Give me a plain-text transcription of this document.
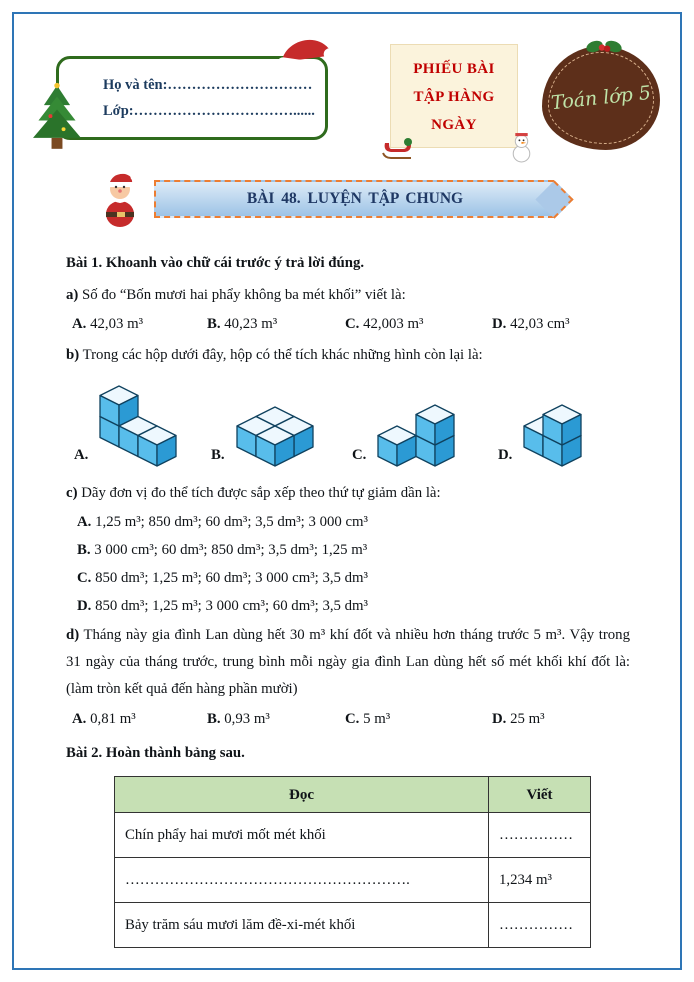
Họ và tên:…………………………
Lớp:……………………………......
PHIẾU BÀI
TẬP HÀNG
NGÀY
Toán lớp 5
BÀI 48. LUYỆN TẬP CHUNG
Bài 1. Khoanh vào chữ cái trước ý trả lời đúng.
a) Số đo “Bốn mươi hai phẩy không ba mét khối” viết là:
A. 42,03 m³	B. 40,23 m³	C. 42,003 m³	D. 42,03 cm³
b) Trong các hộp dưới đây, hộp có thể tích khác những hình còn lại là:
A.	B.	C.	D.
c) Dãy đơn vị đo thể tích được sắp xếp theo thứ tự giảm dần là:
A. 1,25 m³; 850 dm³; 60 dm³; 3,5 dm³; 3 000 cm³
B. 3 000 cm³; 60 dm³; 850 dm³; 3,5 dm³; 1,25 m³
C. 850 dm³; 1,25 m³; 60 dm³; 3 000 cm³; 3,5 dm³
D. 850 dm³; 1,25 m³; 3 000 cm³; 60 dm³; 3,5 dm³
d) Tháng này gia đình Lan dùng hết 30 m³ khí đốt và nhiều hơn tháng trước 5 m³. Vậy trong 31 ngày của tháng trước, trung bình mỗi ngày gia đình Lan dùng hết số mét khối khí đốt là: (làm tròn kết quả đến hàng phần mười)
A. 0,81 m³	B. 0,93 m³	C. 5 m³	D. 25 m³
Bài 2. Hoàn thành bảng sau.
Đọc	Viết
Chín phẩy hai mươi mốt mét khối	……………
………………………………………………….	1,234 m³
Bảy trăm sáu mươi lăm đề-xi-mét khối	……………
